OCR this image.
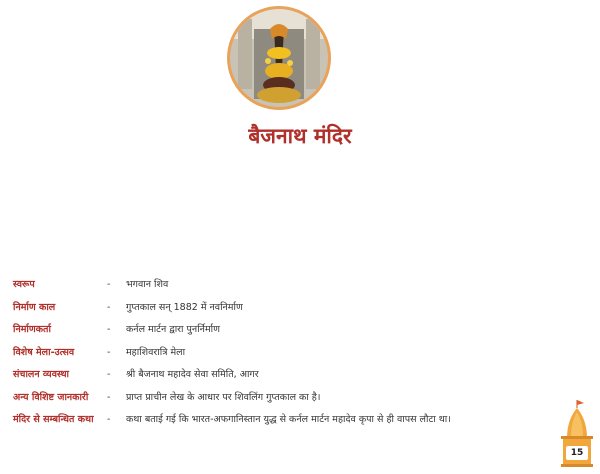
बैजनाथ मंदिर
स्वरूप	- भगवान शिव
निर्माण काल	- गुप्तकाल सन् 1882 में नवनिर्माण
निर्माणकर्ता	- कर्नल मार्टन द्वारा पुनर्निर्माण
विशेष मेला-उत्सव	- महाशिवरात्रि मेला
संचालन व्यवस्था	- श्री बैजनाथ महादेव सेवा समिति, आगर
अन्य विशिष्ट जानकारी - प्राप्त प्राचीन लेख के आधार पर शिवलिंग गुप्तकाल का है।
मंदिर से सम्बन्धित कथा - कथा बताई गई कि भारत-अफगानिस्तान युद्ध से कर्नल मार्टन महादेव कृपा से ही वापस लौटा था।
15
